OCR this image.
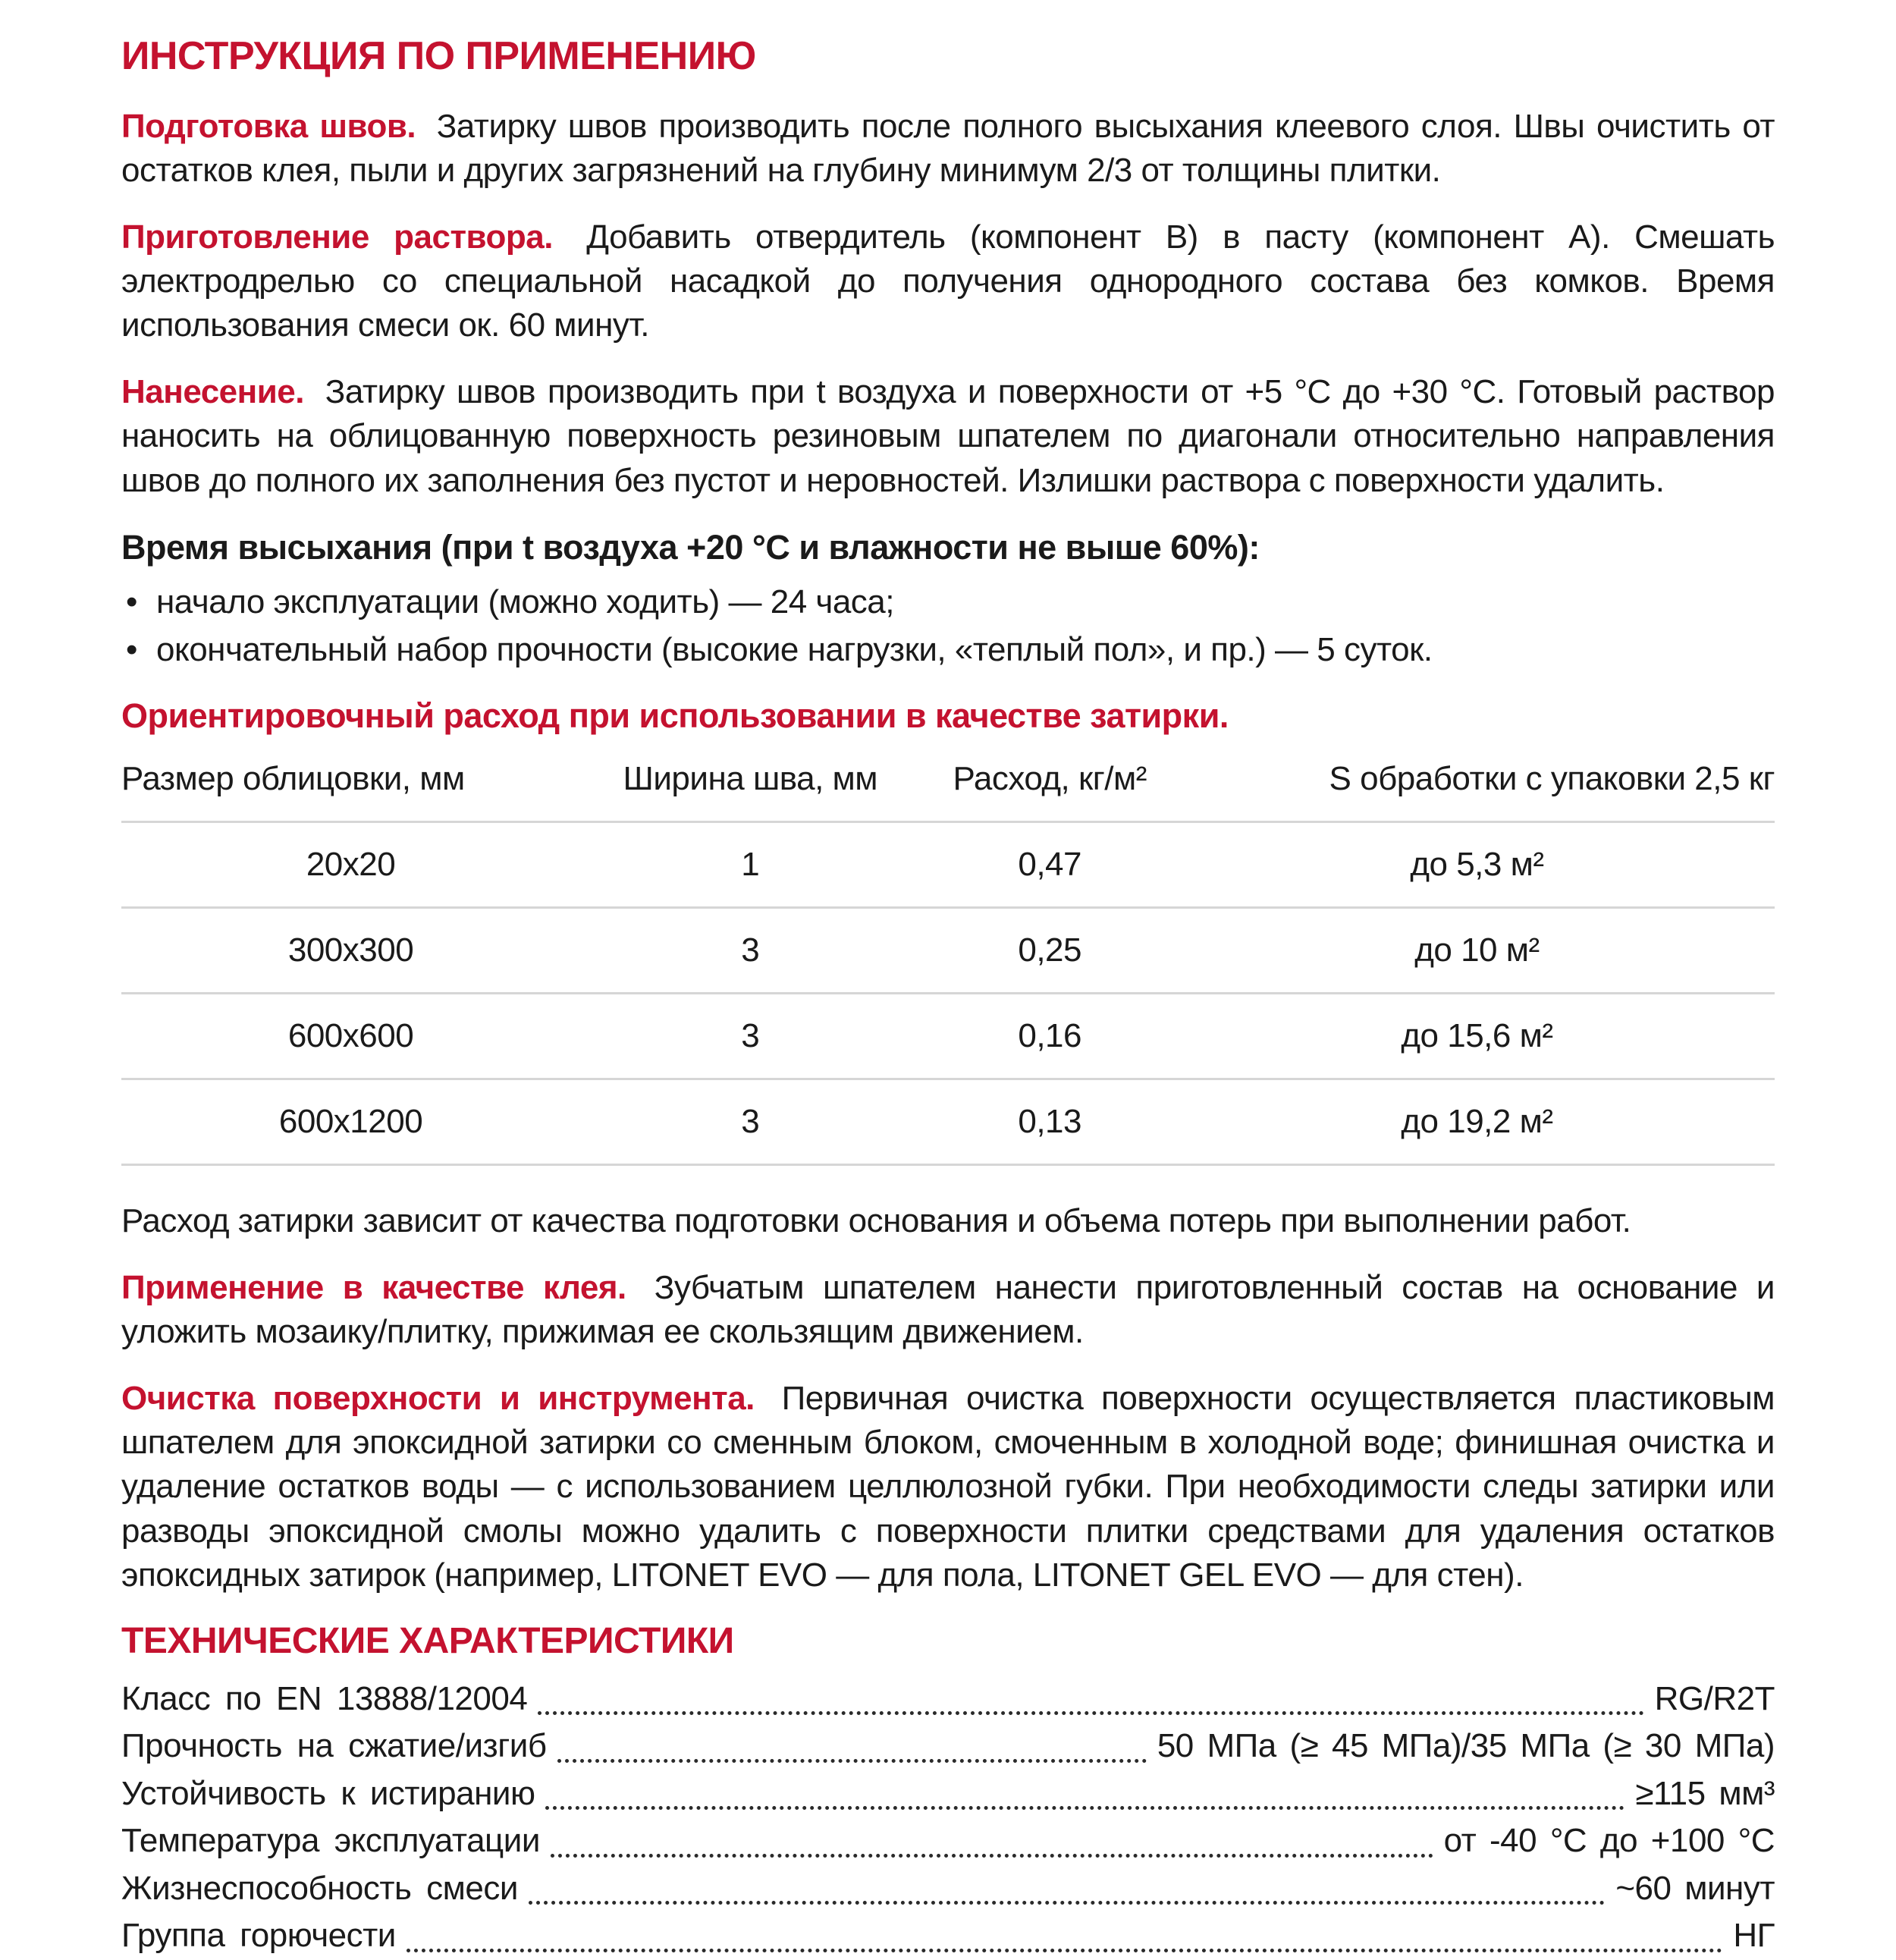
ИНСТРУКЦИЯ ПО ПРИМЕНЕНИЮ

Подготовка швов. Затирку швов производить после полного высыхания клеевого слоя. Швы очистить от остатков клея, пыли и других загрязнений на глубину минимум 2/3 от толщины плитки.

Приготовление раствора. Добавить отвердитель (компонент B) в пасту (компонент A). Смешать электродрелью со специальной насадкой до получения однородного состава без комков. Время использования смеси ок. 60 минут.

Нанесение. Затирку швов производить при t воздуха и поверхности от +5 °C до +30 °C. Готовый раствор наносить на облицованную поверхность резиновым шпателем по диагонали относительно направления швов до полного их заполнения без пустот и неровностей. Излишки раствора с поверхности удалить.

Время высыхания (при t воздуха +20 °C и влажности не выше 60%):
• начало эксплуатации (можно ходить) — 24 часа;
• окончательный набор прочности (высокие нагрузки, «теплый пол», и пр.) — 5 суток.
Ориентировочный расход при использовании в качестве затирки.
Размер облицовки, мм	Ширина шва, мм	Расход, кг/м²	S обработки с упаковки 2,5 кг
20x20	1	0,47	до 5,3 м²
300x300	3	0,25	до 10 м²
600x600	3	0,16	до 15,6 м²
600x1200	3	0,13	до 19,2 м²

Расход затирки зависит от качества подготовки основания и объема потерь при выполнении работ.

Применение в качестве клея. Зубчатым шпателем нанести приготовленный состав на основание и уложить мозаику/плитку, прижимая ее скользящим движением.

Очистка поверхности и инструмента. Первичная очистка поверхности осуществляется пластиковым шпателем для эпоксидной затирки со сменным блоком, смоченным в холодной воде; финишная очистка и удаление остатков воды — с использованием целлюлозной губки. При необходимости следы затирки или разводы эпоксидной смолы можно удалить с поверхности плитки средствами для удаления остатков эпоксидных затирок (например, LITONET EVO — для пола, LITONET GEL EVO — для стен).

ТЕХНИЧЕСКИЕ ХАРАКТЕРИСТИКИ
Класс по EN 13888/12004	RG/R2T
Прочность на сжатие/изгиб	50 МПа (≥ 45 МПа)/35 МПа (≥ 30 МПа)
Устойчивость к истиранию	≥115 мм³
Температура эксплуатации	от -40 °C до +100 °C
Жизнеспособность смеси	~60 минут
Группа горючести	НГ
